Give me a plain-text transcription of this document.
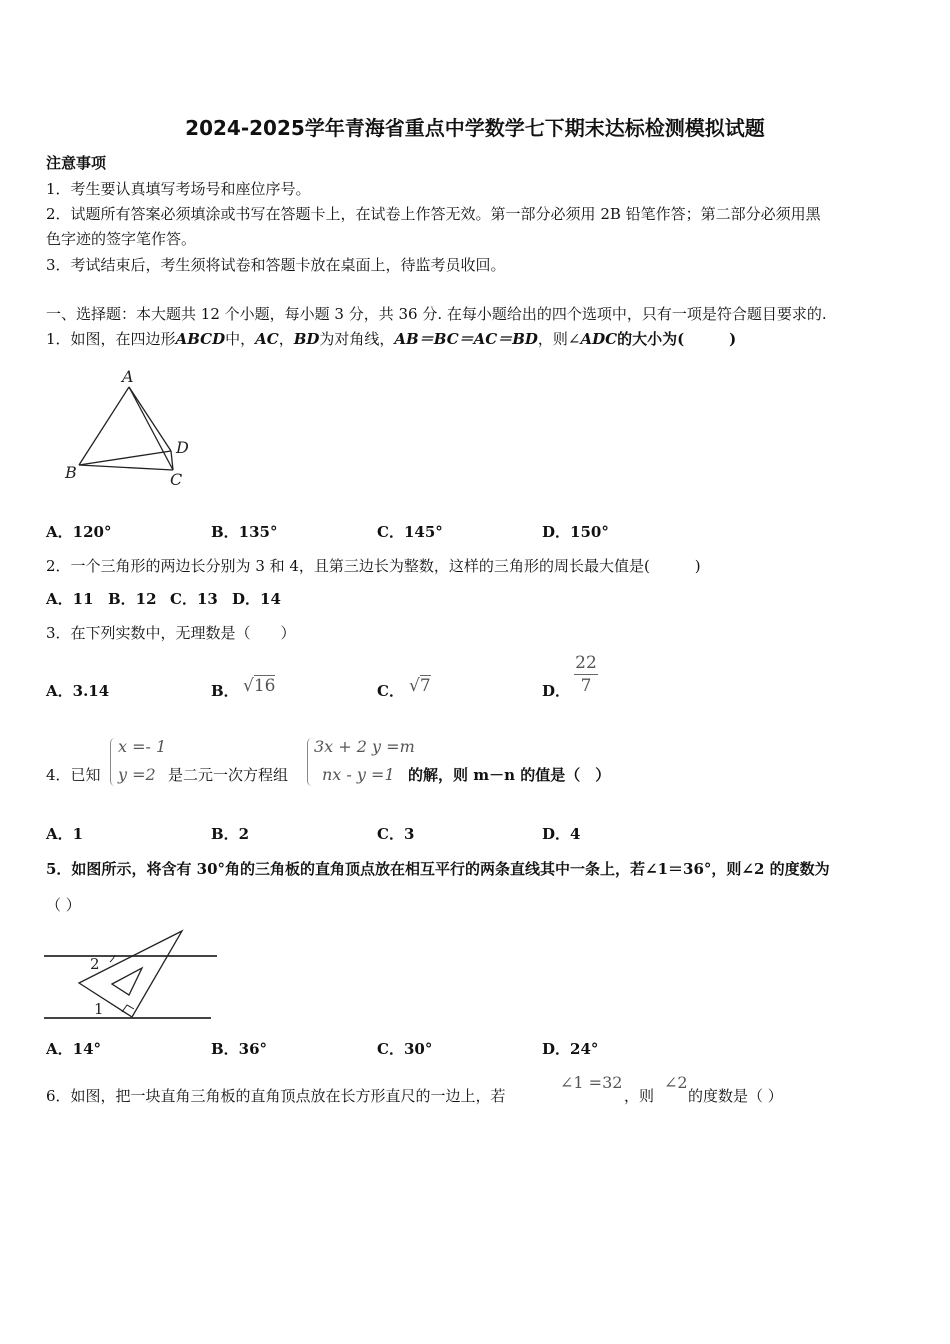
2024-2025学年青海省重点中学数学七下期末达标检测模拟试题
注意事项
1．考生要认真填写考场号和座位序号。
2．试题所有答案必须填涂或书写在答题卡上，在试卷上作答无效。第一部分必须用 2B 铅笔作答；第二部分必须用黑
色字迹的签字笔作答。
3．考试结束后，考生须将试卷和答题卡放在桌面上，待监考员收回。
一、选择题：本大题共 12 个小题，每小题 3 分，共 36 分. 在每小题给出的四个选项中，只有一项是符合题目要求的.
1．如图，在四边形ABCD中，AC，BD为对角线，AB＝BC＝AC＝BD，则∠ADC的大小为(　　　)
A
B	C
D
A．120°	B．135°	C．145°	D．150°
2．一个三角形的两边长分别为 3 和 4，且第三边长为整数，这样的三角形的周长最大值是(　　　)
A．11 B．12 C．13 D．14
3．在下列实数中，无理数是（　　）
A．3.14	B． √16	C． √7	D．
22
7
4．已知
x =- 1
y =2 是二元一次方程组
3x + 2 y =m
nx - y =1 的解，则 m－n 的值是（　）
A．1	B．2	C．3	D．4
5．如图所示，将含有 30°角的三角板的直角顶点放在相互平行的两条直线其中一条上，若∠1＝36°，则∠2 的度数为
（ ）
2
1
A．14°	B．36°	C．30°	D．24°
6．如图，把一块直角三角板的直角顶点放在长方形直尺的一边上，若
∠1 =32
，则
∠2
的度数是（ ）
